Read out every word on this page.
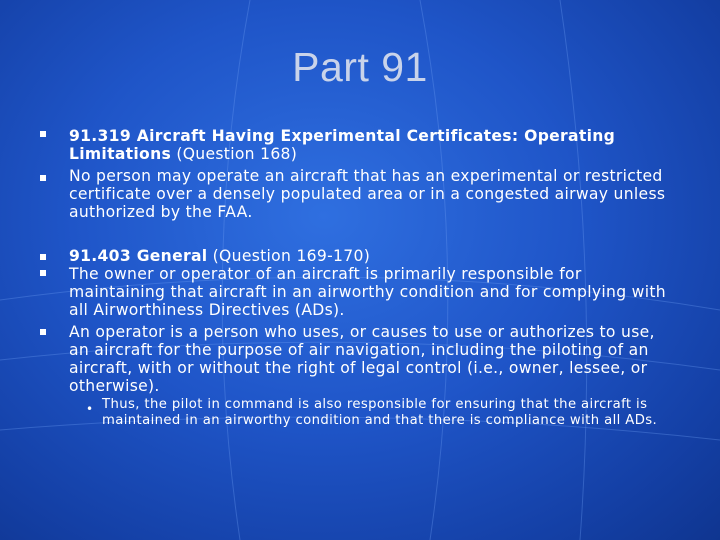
Part 91
91.319 Aircraft Having Experimental Certificates: Operating Limitations (Question 168)
No person may operate an aircraft that has an experimental or restricted certificate over a densely populated area or in a congested airway unless authorized by the FAA.
91.403 General (Question 169-170)
The owner or operator of an aircraft is primarily responsible for maintaining that aircraft in an airworthy condition and for complying with all Airworthiness Directives (ADs).
An operator is a person who uses, or causes to use or authorizes to use, an aircraft for the purpose of air navigation, including the piloting of an aircraft, with or without the right of legal control (i.e., owner, lessee, or otherwise).
• Thus, the pilot in command is also responsible for ensuring that the aircraft is maintained in an airworthy condition and that there is compliance with all ADs.
